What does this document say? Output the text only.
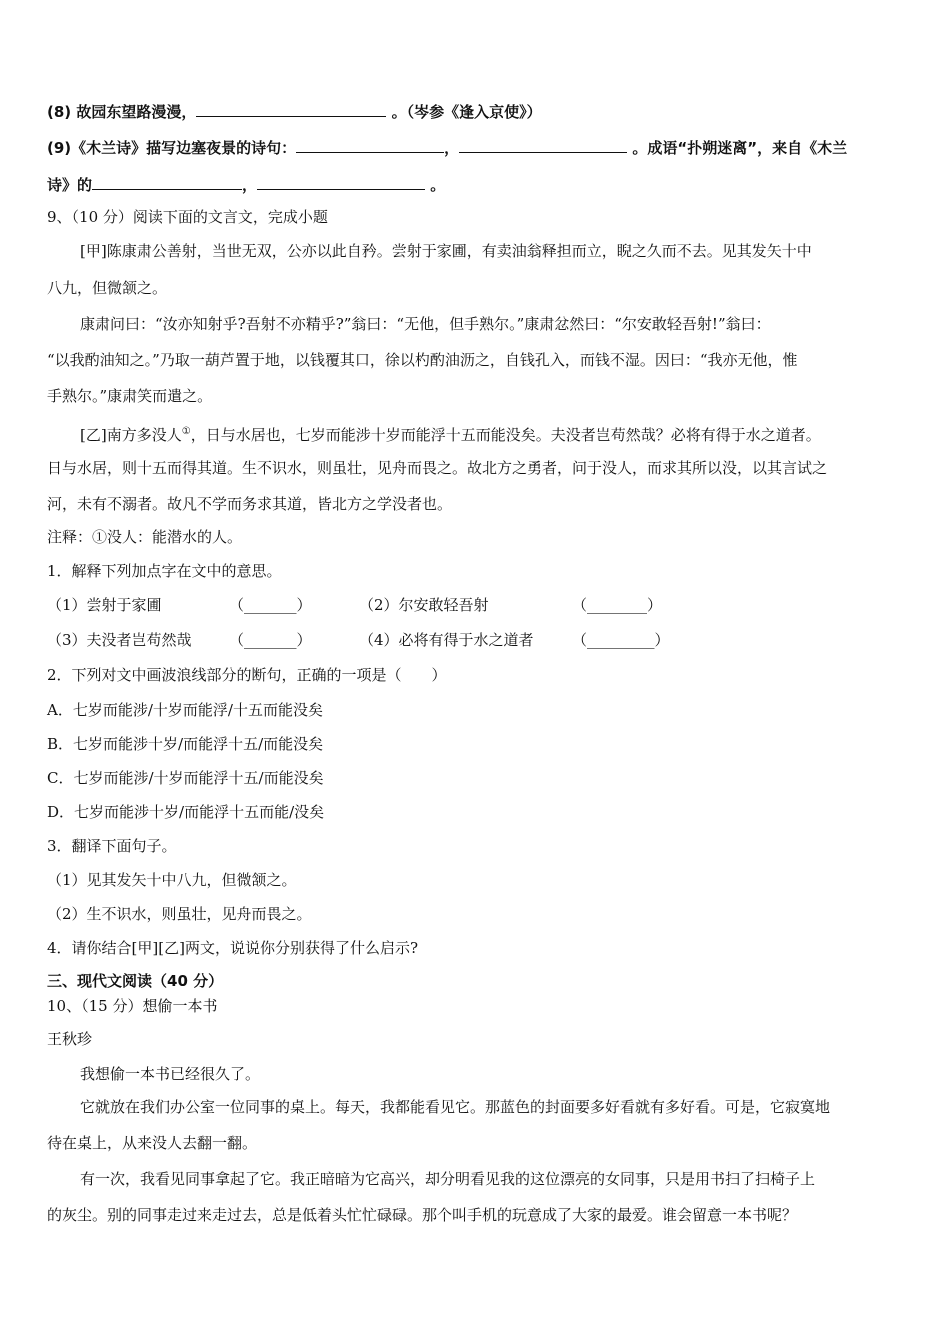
(8) 故园东望路漫漫，	。（岑参《逢入京使》）
(9)《木兰诗》描写边塞夜景的诗句：	，	。成语“扑朔迷离”，来自《木兰
诗》的	，	。
9、（10 分）阅读下面的文言文，完成小题
[甲]陈康肃公善射，当世无双，公亦以此自矜。尝射于家圃，有卖油翁释担而立，睨之久而不去。见其发矢十中
八九，但微颔之。
康肃问曰：“汝亦知射乎?吾射不亦精乎?”翁曰：“无他，但手熟尔。”康肃忿然曰：“尔安敢轻吾射!”翁曰：
“以我酌油知之。”乃取一葫芦置于地，以钱覆其口，徐以杓酌油沥之，自钱孔入，而钱不湿。因曰：“我亦无他，惟
手熟尔。”康肃笑而遣之。
[乙]南方多没人①，日与水居也，七岁而能涉十岁而能浮十五而能没矣。夫没者岂苟然哉？必将有得于水之道者。
日与水居，则十五而得其道。生不识水，则虽壮，见舟而畏之。故北方之勇者，问于没人，而求其所以没，以其言试之
河，未有不溺者。故凡不学而务求其道，皆北方之学没者也。
注释：①没人：能潜水的人。
1．解释下列加点字在文中的意思。
（1）尝射于家圃	（_______）	（2）尔安敢轻吾射	（________）
（3）夫没者岂苟然哉 （_______）	（4）必将有得于水之道者	（_________）
2．下列对文中画波浪线部分的断句，正确的一项是（　　）
A．七岁而能涉/十岁而能浮/十五而能没矣
B．七岁而能涉十岁/而能浮十五/而能没矣
C．七岁而能涉/十岁而能浮十五/而能没矣
D．七岁而能涉十岁/而能浮十五而能/没矣
3．翻译下面句子。
（1）见其发矢十中八九，但微颔之。
（2）生不识水，则虽壮，见舟而畏之。
4．请你结合[甲][乙]两文，说说你分别获得了什么启示?
三、现代文阅读（40 分）
10、（15 分）想偷一本书
王秋珍
我想偷一本书已经很久了。
它就放在我们办公室一位同事的桌上。每天，我都能看见它。那蓝色的封面要多好看就有多好看。可是，它寂寞地
待在桌上，从来没人去翻一翻。
有一次，我看见同事拿起了它。我正暗暗为它高兴，却分明看见我的这位漂亮的女同事，只是用书扫了扫椅子上
的灰尘。别的同事走过来走过去，总是低着头忙忙碌碌。那个叫手机的玩意成了大家的最爱。谁会留意一本书呢？
